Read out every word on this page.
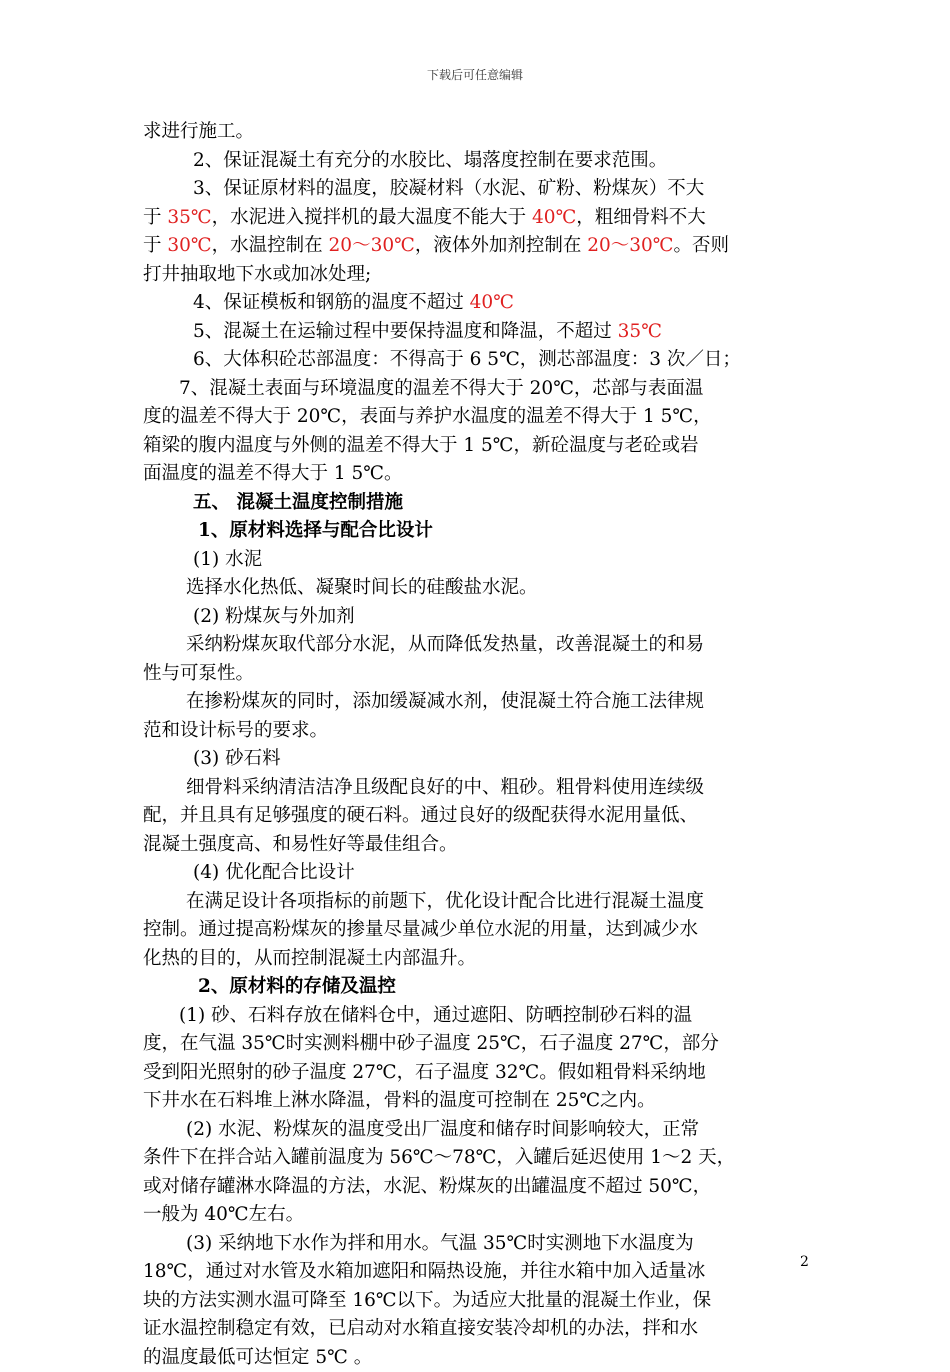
下载后可任意编辑
求进行施工。
2、保证混凝土有充分的水胶比、塌落度控制在要求范围。
3、保证原材料的温度，胶凝材料（水泥、矿粉、粉煤灰）不大
于 35℃，水泥进入搅拌机的最大温度不能大于 40℃，粗细骨料不大
于 30℃，水温控制在 20～30℃，液体外加剂控制在 20～30℃。否则
打井抽取地下水或加冰处理;
4、保证模板和钢筋的温度不超过 40℃
5、混凝土在运输过程中要保持温度和降温，不超过 35℃
6、大体积砼芯部温度：不得高于 6 5℃，测芯部温度：3 次／日；
7、混凝土表面与环境温度的温差不得大于 20℃，芯部与表面温
度的温差不得大于 20℃，表面与养护水温度的温差不得大于 1 5℃，
箱梁的腹内温度与外侧的温差不得大于 1 5℃，新砼温度与老砼或岩
面温度的温差不得大于 1 5℃。
五、 混凝土温度控制措施
1、原材料选择与配合比设计
(1) 水泥
选择水化热低、凝聚时间长的硅酸盐水泥。
(2) 粉煤灰与外加剂
采纳粉煤灰取代部分水泥，从而降低发热量，改善混凝土的和易
性与可泵性。
在掺粉煤灰的同时，添加缓凝减水剂，使混凝土符合施工法律规
范和设计标号的要求。
(3) 砂石料
细骨料采纳清洁洁净且级配良好的中、粗砂。粗骨料使用连续级
配，并且具有足够强度的硬石料。通过良好的级配获得水泥用量低、
混凝土强度高、和易性好等最佳组合。
(4) 优化配合比设计
在满足设计各项指标的前题下，优化设计配合比进行混凝土温度
控制。通过提高粉煤灰的掺量尽量减少单位水泥的用量，达到减少水
化热的目的，从而控制混凝土内部温升。
2、原材料的存储及温控
(1) 砂、石料存放在储料仓中，通过遮阳、防晒控制砂石料的温
度，在气温 35℃时实测料棚中砂子温度 25℃，石子温度 27℃，部分
受到阳光照射的砂子温度 27℃，石子温度 32℃。假如粗骨料采纳地
下井水在石料堆上淋水降温，骨料的温度可控制在 25℃之内。
(2) 水泥、粉煤灰的温度受出厂温度和储存时间影响较大，正常
条件下在拌合站入罐前温度为 56℃～78℃，入罐后延迟使用 1～2 天，
或对储存罐淋水降温的方法，水泥、粉煤灰的出罐温度不超过 50℃，
一般为 40℃左右。
(3) 采纳地下水作为拌和用水。气温 35℃时实测地下水温度为
18℃，通过对水管及水箱加遮阳和隔热设施，并往水箱中加入适量冰
块的方法实测水温可降至 16℃以下。为适应大批量的混凝土作业，保
证水温控制稳定有效，已启动对水箱直接安装冷却机的办法，拌和水
的温度最低可达恒定 5℃ 。
2
